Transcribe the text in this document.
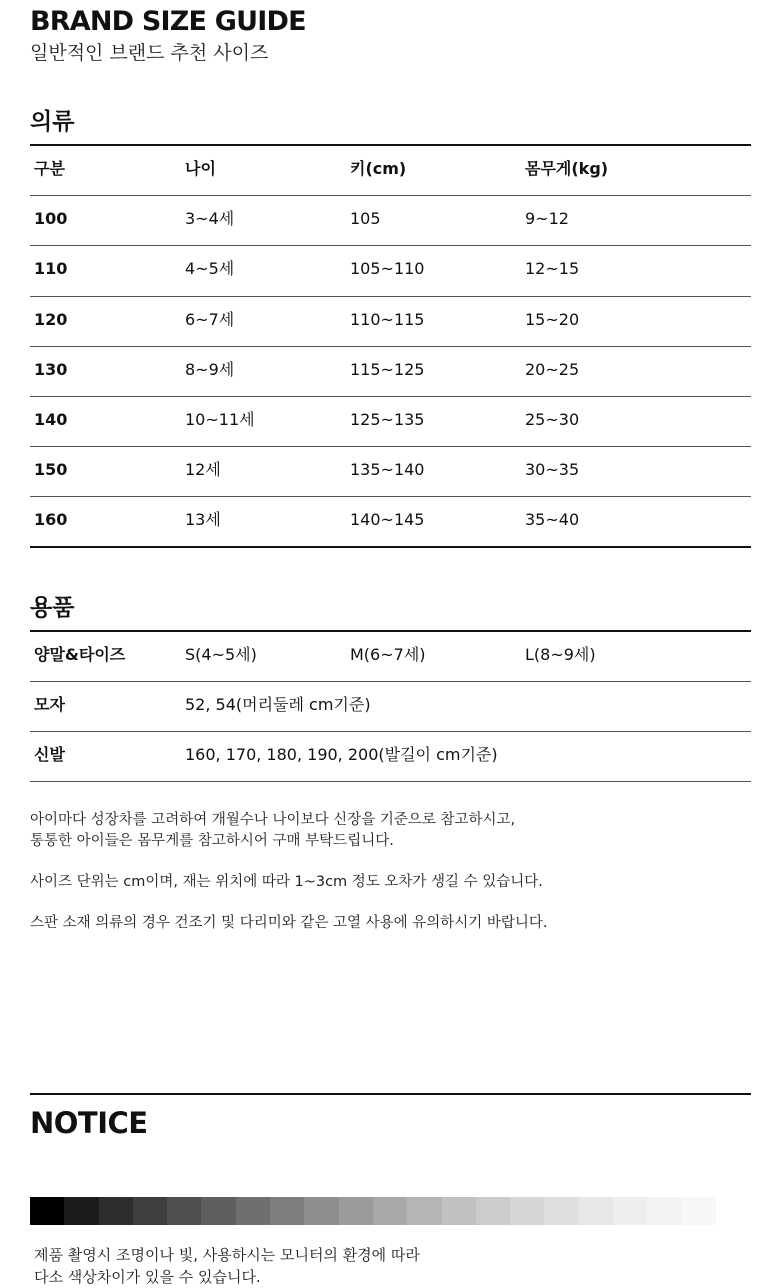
BRAND SIZE GUIDE
일반적인 브랜드 추천 사이즈
의류
구분	나이	키(cm)	몸무게(kg)
100	3~4세	105	9~12
110	4~5세	105~110	12~15
120	6~7세	110~115	15~20
130	8~9세	115~125	20~25
140	10~11세	125~135	25~30
150	12세	135~140	30~35
160	13세	140~145	35~40
용품
양말&타이즈	S(4~5세)	M(6~7세)	L(8~9세)
모자	52, 54(머리둘레 cm기준)
신발	160, 170, 180, 190, 200(발길이 cm기준)
아이마다 성장차를 고려하여 개월수나 나이보다 신장을 기준으로 참고하시고,
통통한 아이들은 몸무게를 참고하시어 구매 부탁드립니다.
사이즈 단위는 cm이며, 재는 위치에 따라 1~3cm 정도 오차가 생길 수 있습니다.
스판 소재 의류의 경우 건조기 및 다리미와 같은 고열 사용에 유의하시기 바랍니다.
NOTICE
제품 촬영시 조명이나 빛, 사용하시는 모니터의 환경에 따라
다소 색상차이가 있을 수 있습니다.
